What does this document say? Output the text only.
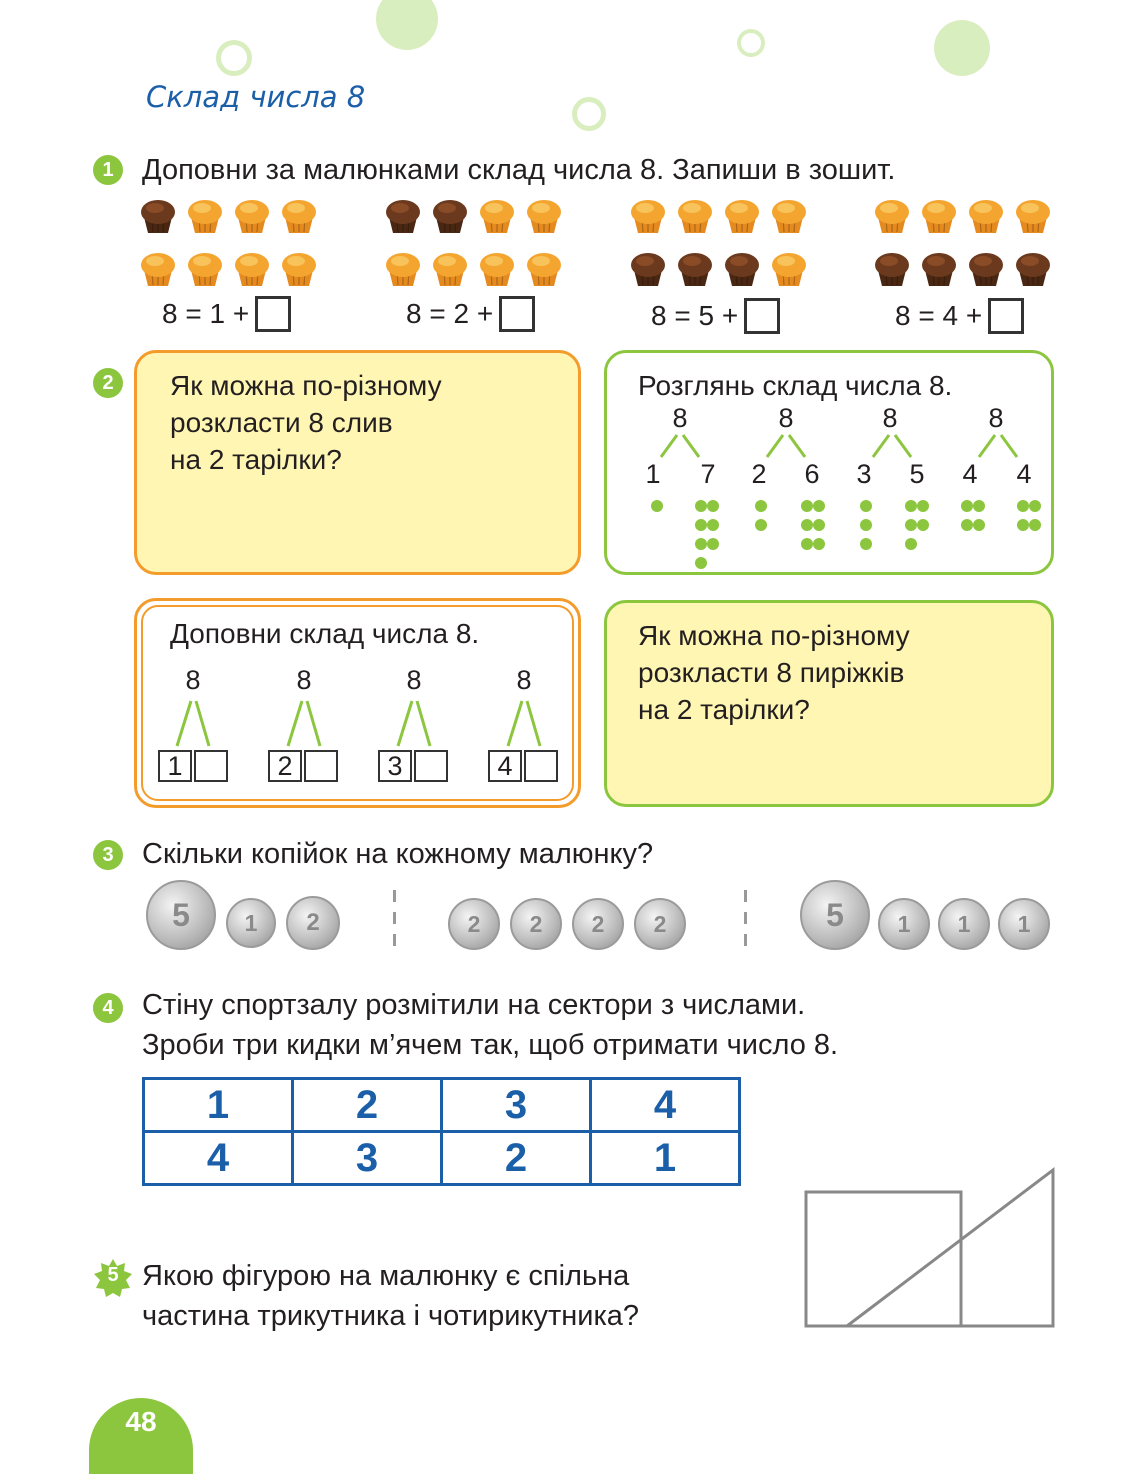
Склад числа 8
1 Доповни за малюнками склад числа 8. Запиши в зошит.
8 = 1 +	8 = 2 +	8 = 5 +	8 = 4 +
2	Як можна по-різному
розкласти 8 слив
на 2 тарілки?
Розглянь склад числа 8.
8
1 7
8
2 6
8
3 5
8
4 4
Доповни склад числа 8.
8	8	8	8
1	2	3	4
Як можна по-різному
розкласти 8 пиріжків
на 2 тарілки?
3 Скільки копійок на кожному малюнку?
5	1	2	2	2	2	2	5	1	1	1
4 Стіну спортзалу розмітили на сектори з числами.
Зроби три кидки м’ячем так, щоб отримати число 8.
1	2	3	4
4	3	2	1
5 Якою фігурою на малюнку є спільна
частина трикутника і чотирикутника?
48
